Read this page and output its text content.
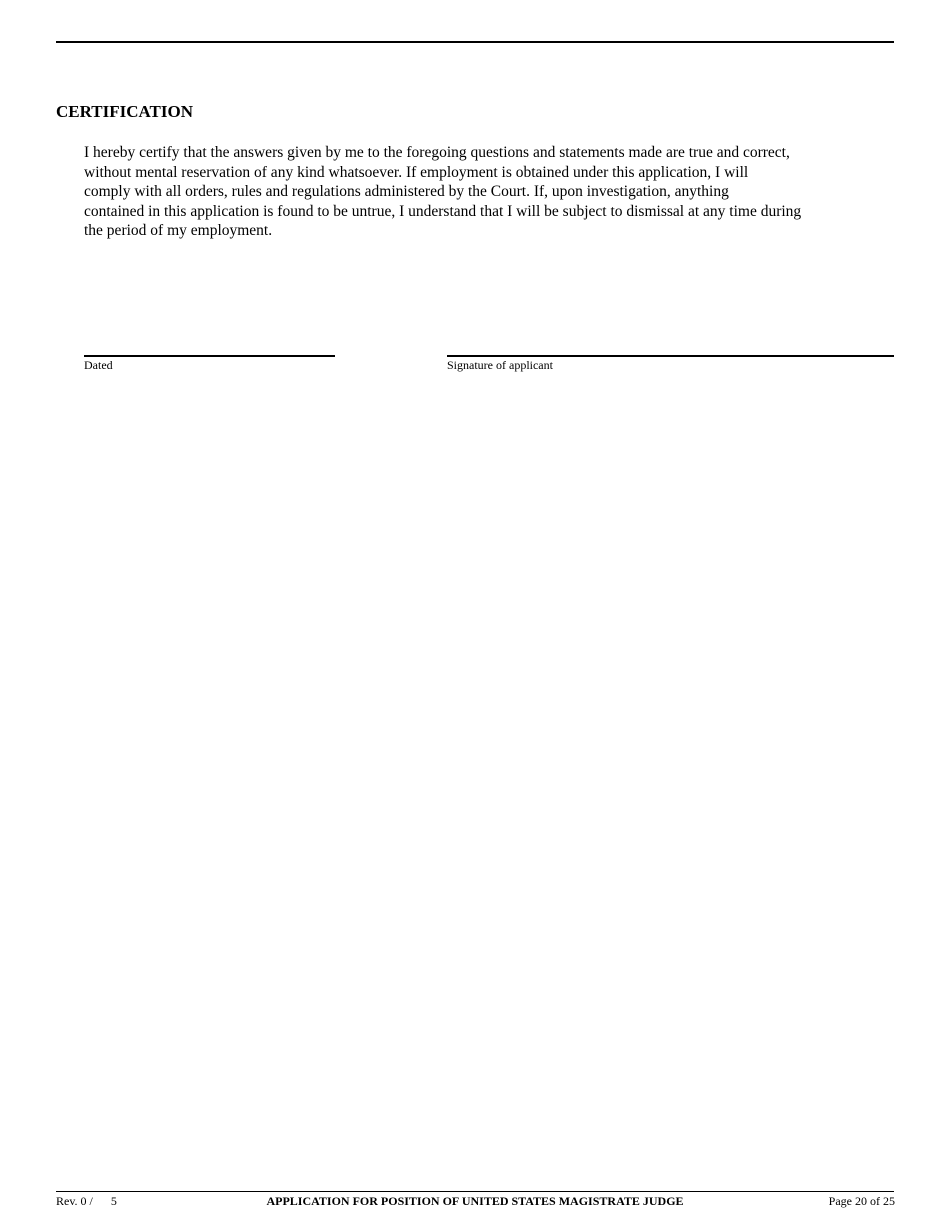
CERTIFICATION

I hereby certify that the answers given by me to the foregoing questions and statements made are true and correct,
without mental reservation of any kind whatsoever. If employment is obtained under this application, I will
comply with all orders, rules and regulations administered by the Court. If, upon investigation, anything
contained in this application is found to be untrue, I understand that I will be subject to dismissal at any time during
the period of my employment.

Dated	Signature of applicant
Rev. 0 / 5	APPLICATION FOR POSITION OF UNITED STATES MAGISTRATE JUDGE	Page 20 of 25
